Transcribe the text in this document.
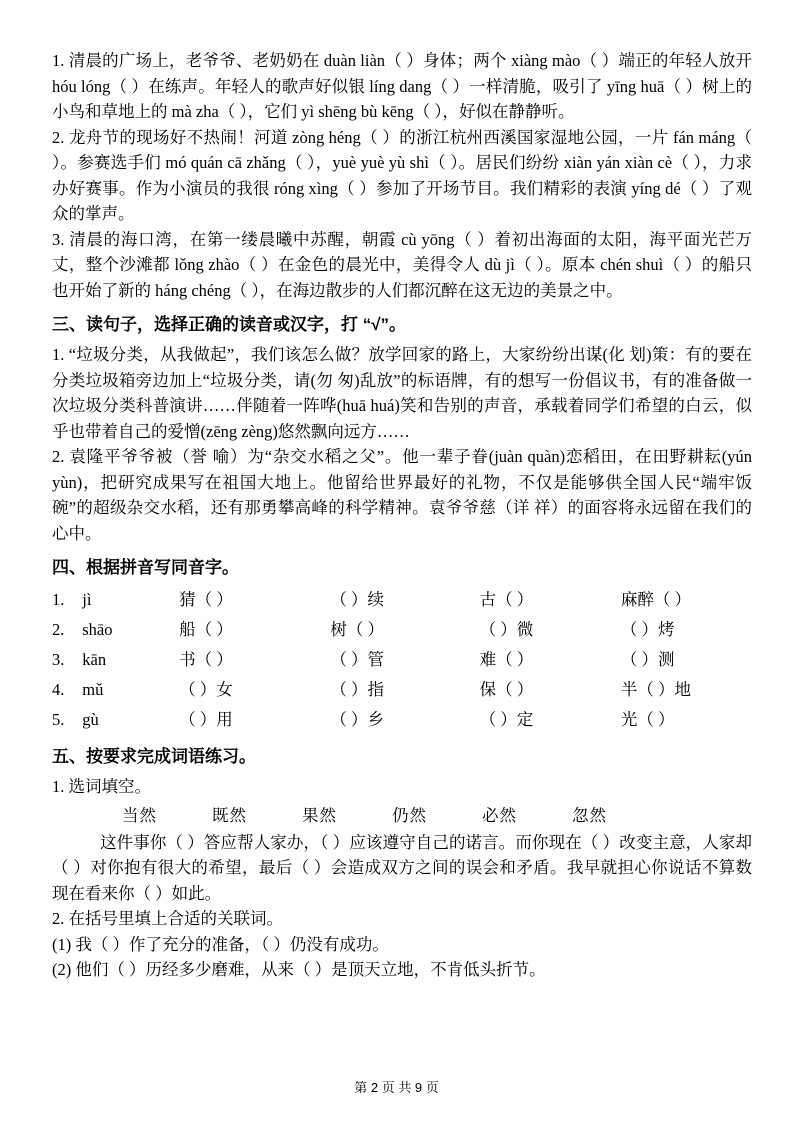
1. 清晨的广场上，老爷爷、老奶奶在 duàn liàn（ ）身体；两个 xiàng mào（ ）端正的年轻人放开 hóu lóng（ ）在练声。年轻人的歌声好似银 líng dang（ ）一样清脆，吸引了 yīng huā（ ）树上的小鸟和草地上的 mà zha（ ），它们 yì shēng bù kēng（ ），好似在静静听。

2. 龙舟节的现场好不热闹！河道 zòng héng（ ）的浙江杭州西溪国家湿地公园，一片 fán máng（ ）。参赛选手们 mó quán cā zhǎng（ ），yuè yuè yù shì（ ）。居民们纷纷 xiàn yán xiàn cè（ ），力求办好赛事。作为小演员的我很 róng xìng（ ）参加了开场节目。我们精彩的表演 yíng dé（ ）了观众的掌声。

3. 清晨的海口湾，在第一缕晨曦中苏醒，朝霞 cù yōng（ ）着初出海面的太阳，海平面光芒万丈，整个沙滩都 lǒng zhào（ ）在金色的晨光中，美得令人 dù jì（ ）。原本 chén shuì（ ）的船只也开始了新的 háng chéng（ ），在海边散步的人们都沉醉在这无边的美景之中。

三、读句子，选择正确的读音或汉字，打 “√”。

1. “垃圾分类，从我做起”，我们该怎么做？放学回家的路上，大家纷纷出谋(化 划)策：有的要在分类垃圾箱旁边加上“垃圾分类，请(勿 匆)乱放”的标语牌，有的想写一份倡议书，有的准备做一次垃圾分类科普演讲……伴随着一阵哗(huā huá)笑和告别的声音，承载着同学们希望的白云，似乎也带着自己的爱憎(zēng zèng)悠然飘向远方……

2. 袁隆平爷爷被（誉 喻）为“杂交水稻之父”。他一辈子眷(juàn quàn)恋稻田，在田野耕耘(yún yùn)，把研究成果写在祖国大地上。他留给世界最好的礼物，不仅是能够供全国人民“端牢饭碗”的超级杂交水稻，还有那勇攀高峰的科学精神。袁爷爷慈（详 祥）的面容将永远留在我们的心中。

四、根据拼音写同音字。
1.	jì	猜（ ）	（ ）续	古（ ）	麻醉（ ）
2.	shāo	船（ ）	树（ ）	（ ）微	（ ）烤
3.	kān	书（ ）	（ ）管	难（ ）	（ ）测
4.	mǔ	（ ）女	（ ）指	保（ ）	半（ ）地
5.	gù	（ ）用	（ ）乡	（ ）定	光（ ）
五、按要求完成词语练习。

1. 选词填空。

当然	既然	果然	仍然	必然	忽然

这件事你（ ）答应帮人家办，（ ）应该遵守自己的诺言。而你现在（ ）改变主意，人家却（ ）对你抱有很大的希望，最后（ ）会造成双方之间的误会和矛盾。我早就担心你说话不算数现在看来你（ ）如此。

2. 在括号里填上合适的关联词。

(1) 我（ ）作了充分的准备，（ ）仍没有成功。

(2) 他们（ ）历经多少磨难，从来（ ）是顶天立地，不肯低头折节。

第 2 页 共 9 页
